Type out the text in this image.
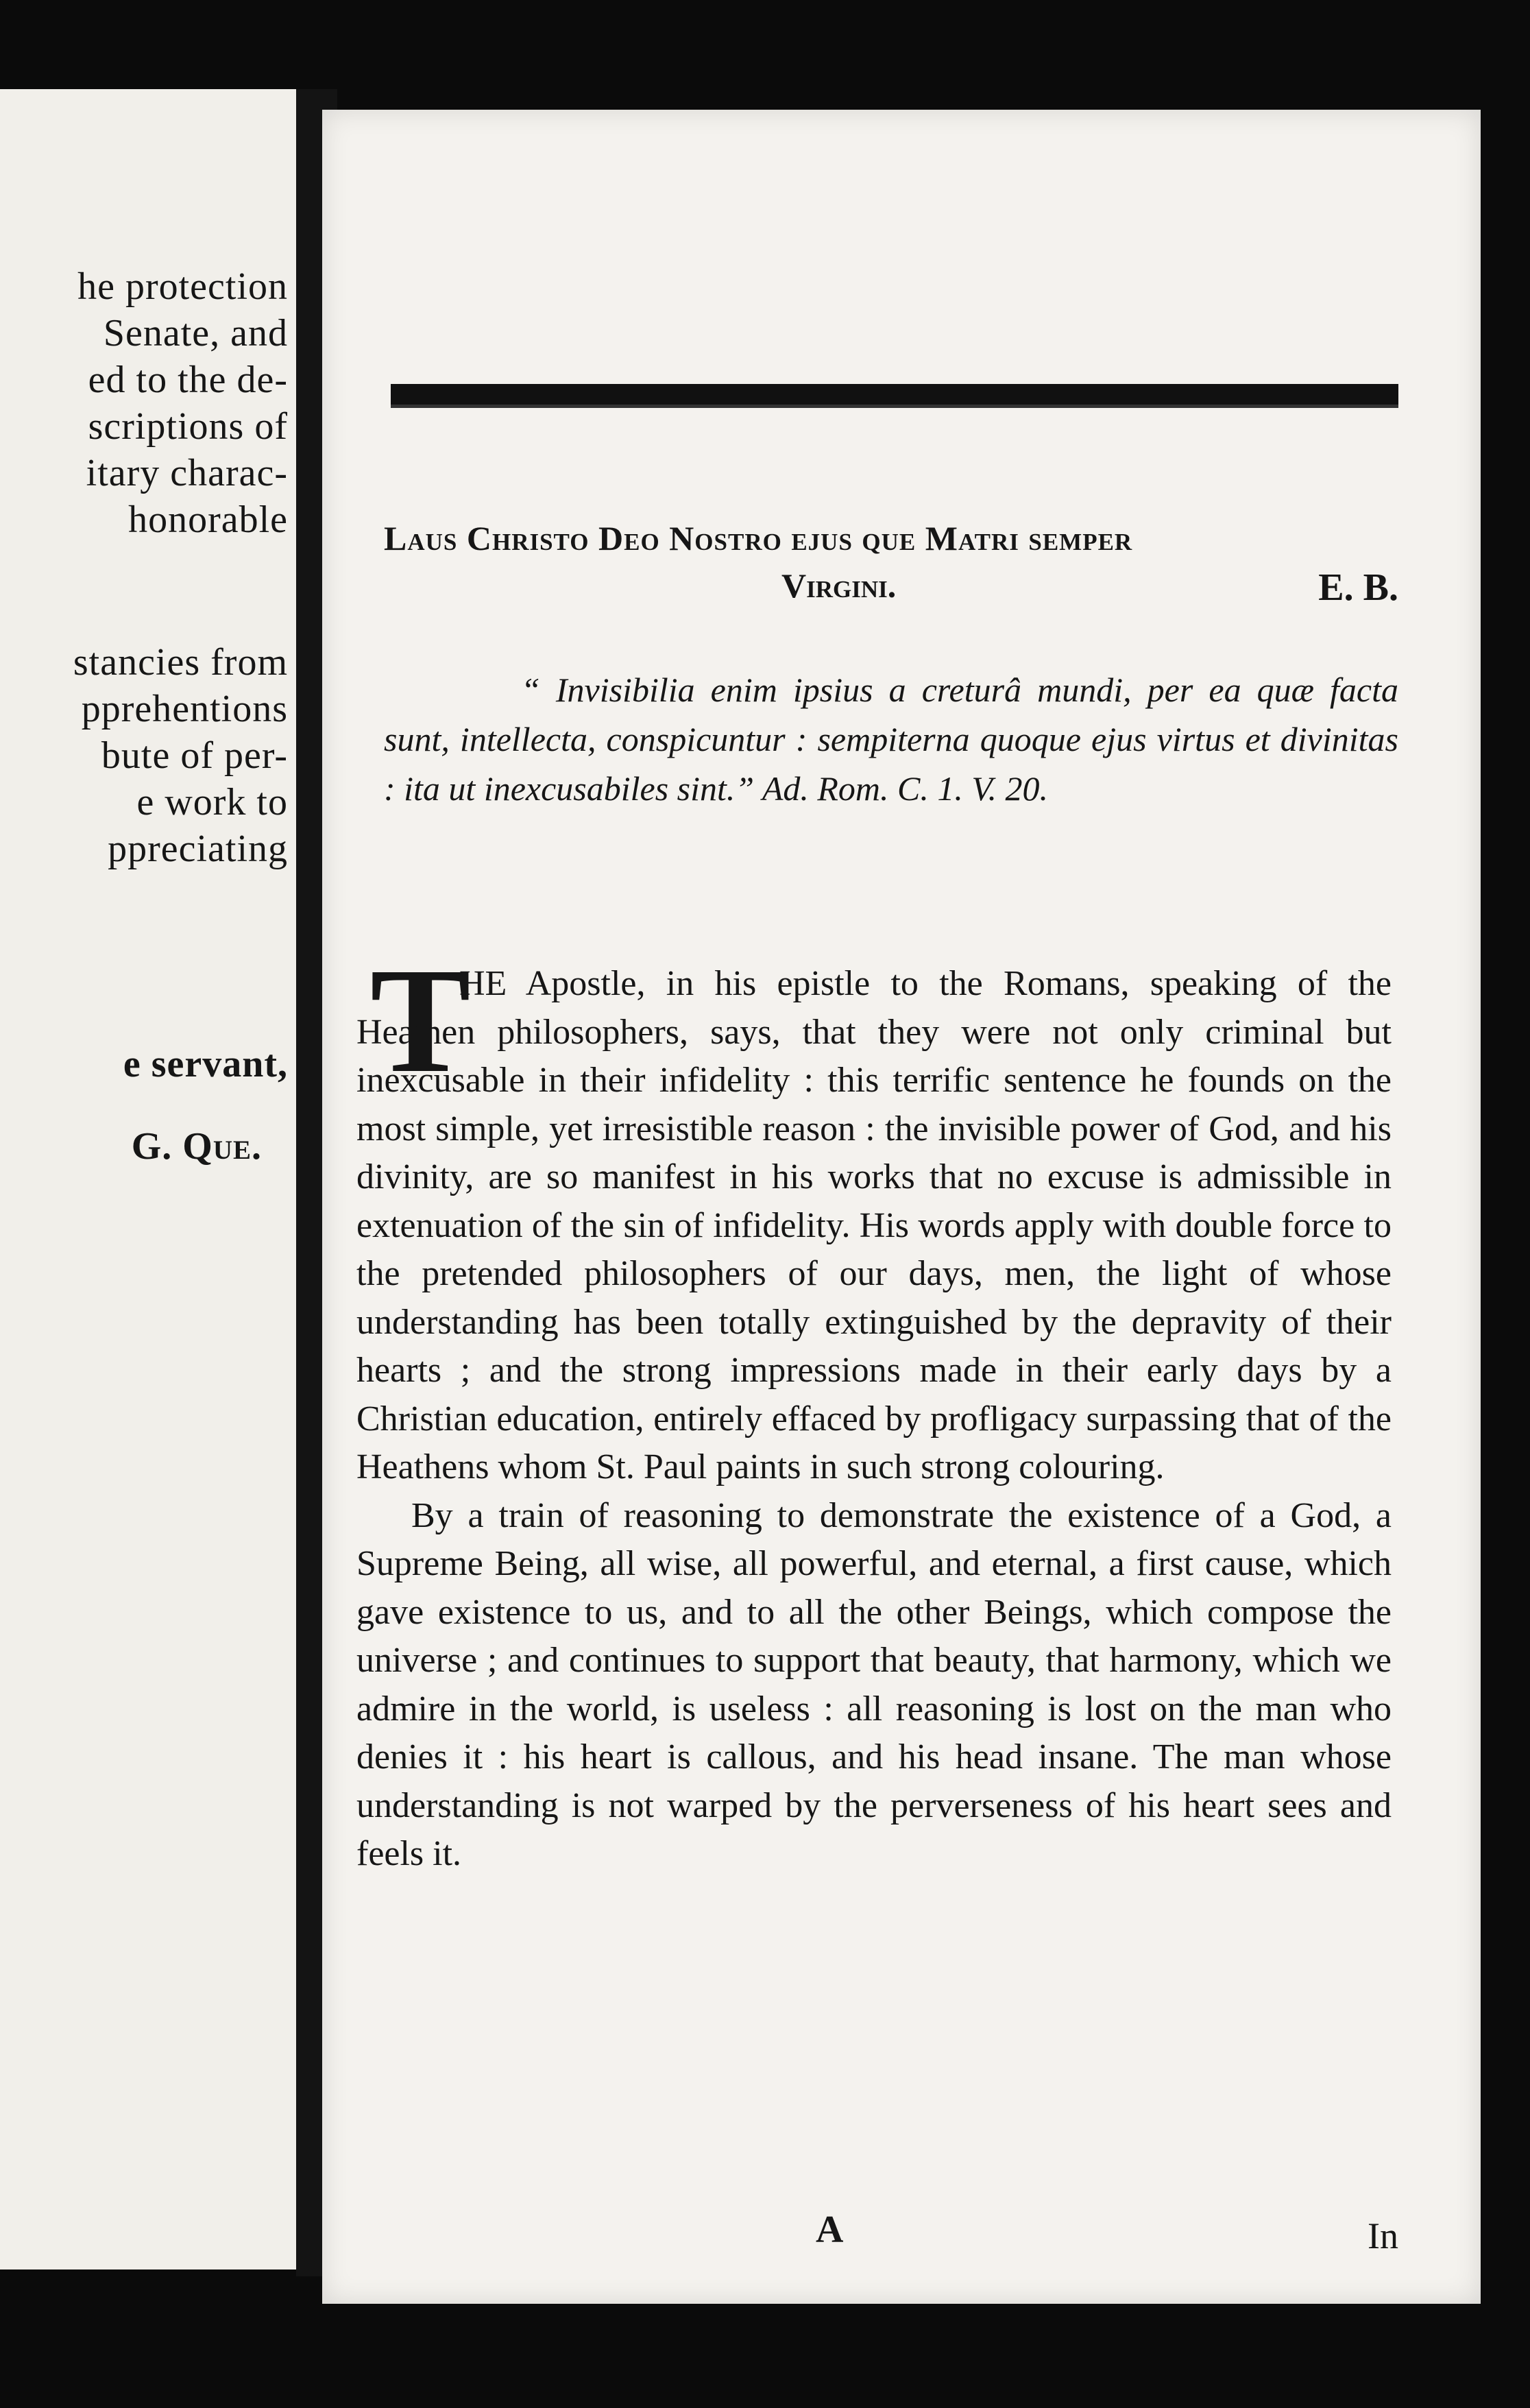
he protection
Senate, and
ed to the de-
scriptions of
itary charac-
honorable
stancies from
pprehentions
bute of per-
e work to
ppreciating
e servant,
G. Que.
Laus Christo Deo Nostro ejus que Matri semper
Virgini.	E. B.
“ Invisibilia enim ipsius a creturâ mundi, per ea quæ facta sunt, intellecta, conspicuntur : sempiterna quoque ejus virtus et divinitas : ita ut inexcusabiles sint.” Ad. Rom. C. 1. V. 20.
T

HE Apostle, in his epistle to the Romans, speaking of the Heathen philosophers, says, that they were not only criminal but inexcusable in their infidelity : this terrific sentence he founds on the most simple, yet irresistible reason : the invisible power of God, and his divinity, are so manifest in his works that no excuse is admissible in extenuation of the sin of infidelity. His words apply with double force to the pretended philosophers of our days, men, the light of whose understanding has been totally extinguished by the depravity of their hearts ; and the strong impressions made in their early days by a Christian education, entirely effaced by profligacy surpassing that of the Heathens whom St. Paul paints in such strong colouring.

By a train of reasoning to demonstrate the existence of a God, a Supreme Being, all wise, all powerful, and eternal, a first cause, which gave existence to us, and to all the other Beings, which compose the universe ; and continues to support that beauty, that harmony, which we admire in the world, is useless : all reasoning is lost on the man who denies it : his heart is callous, and his head insane. The man whose understanding is not warped by the perverseness of his heart sees and feels it.

A	In
